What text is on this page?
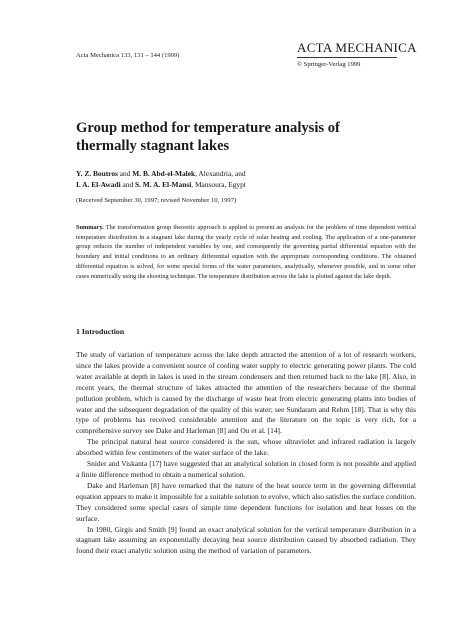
Acta Mechanica 133, 131 – 144 (1999)
ACTA MECHANICA
© Springer-Verlag 1999
Group method for temperature analysis of thermally stagnant lakes
Y. Z. Boutros and M. B. Abd-el-Malek, Alexandria, and
I. A. El-Awadi and S. M. A. El-Mansi, Mansoura, Egypt
(Received September 30, 1997; revised November 10, 1997)

Summary. The transformation group theoretic approach is applied to present an analysis for the problem of time dependent vertical temperature distribution in a stagnant lake during the yearly cycle of solar heating and cooling. The application of a one-parameter group reduces the number of independent variables by one, and consequently the governing partial differential equation with the boundary and initial conditions to an ordinary differential equation with the appropriate corresponding conditions. The obtained differential equation is solved, for some special forms of the water parameters, analytically, whenever possible, and in some other cases numerically using the shooting technique. The temperature distribution across the lake is plotted against the lake depth.

1 Introduction

The study of variation of temperature across the lake depth attracted the attention of a lot of research workers, since the lakes provide a convenient source of cooling water supply to electric generating power plants. The cold water available at depth in lakes is used in the stream condensers and then returned back to the lake [8]. Also, in recent years, the thermal structure of lakes attracted the attention of the researchers because of the thermal pollution problem, which is caused by the discharge of waste heat from electric generating plants into bodies of water and the subsequent degradation of the quality of this water; see Sundaram and Rehm [18]. That is why this type of problems has received considerable attention and the literature on the topic is very rich, for a comprehensive survey see Dake and Harleman [8] and Ou et al. [14].

The principal natural heat source considered is the sun, whose ultraviolet and infrared radiation is largely absorbed within few centimeters of the water surface of the lake.

Snider and Viskanta [17] have suggested that an analytical solution in closed form is not possible and applied a finite difference method to obtain a numerical solution.

Dake and Harleman [8] have remarked that the nature of the heat source term in the governing differential equation appears to make it impossible for a suitable solution to evolve, which also satisfies the surface condition. They considered some special cases of simple time dependent functions for isolation and heat losses on the surface.

In 1980, Girgis and Smith [9] found an exact analytical solution for the vertical temperature distribution in a stagnant lake assuming an exponentially decaying heat source distribution caused by absorbed radiation. They found their exact analytic solution using the method of variation of parameters.
